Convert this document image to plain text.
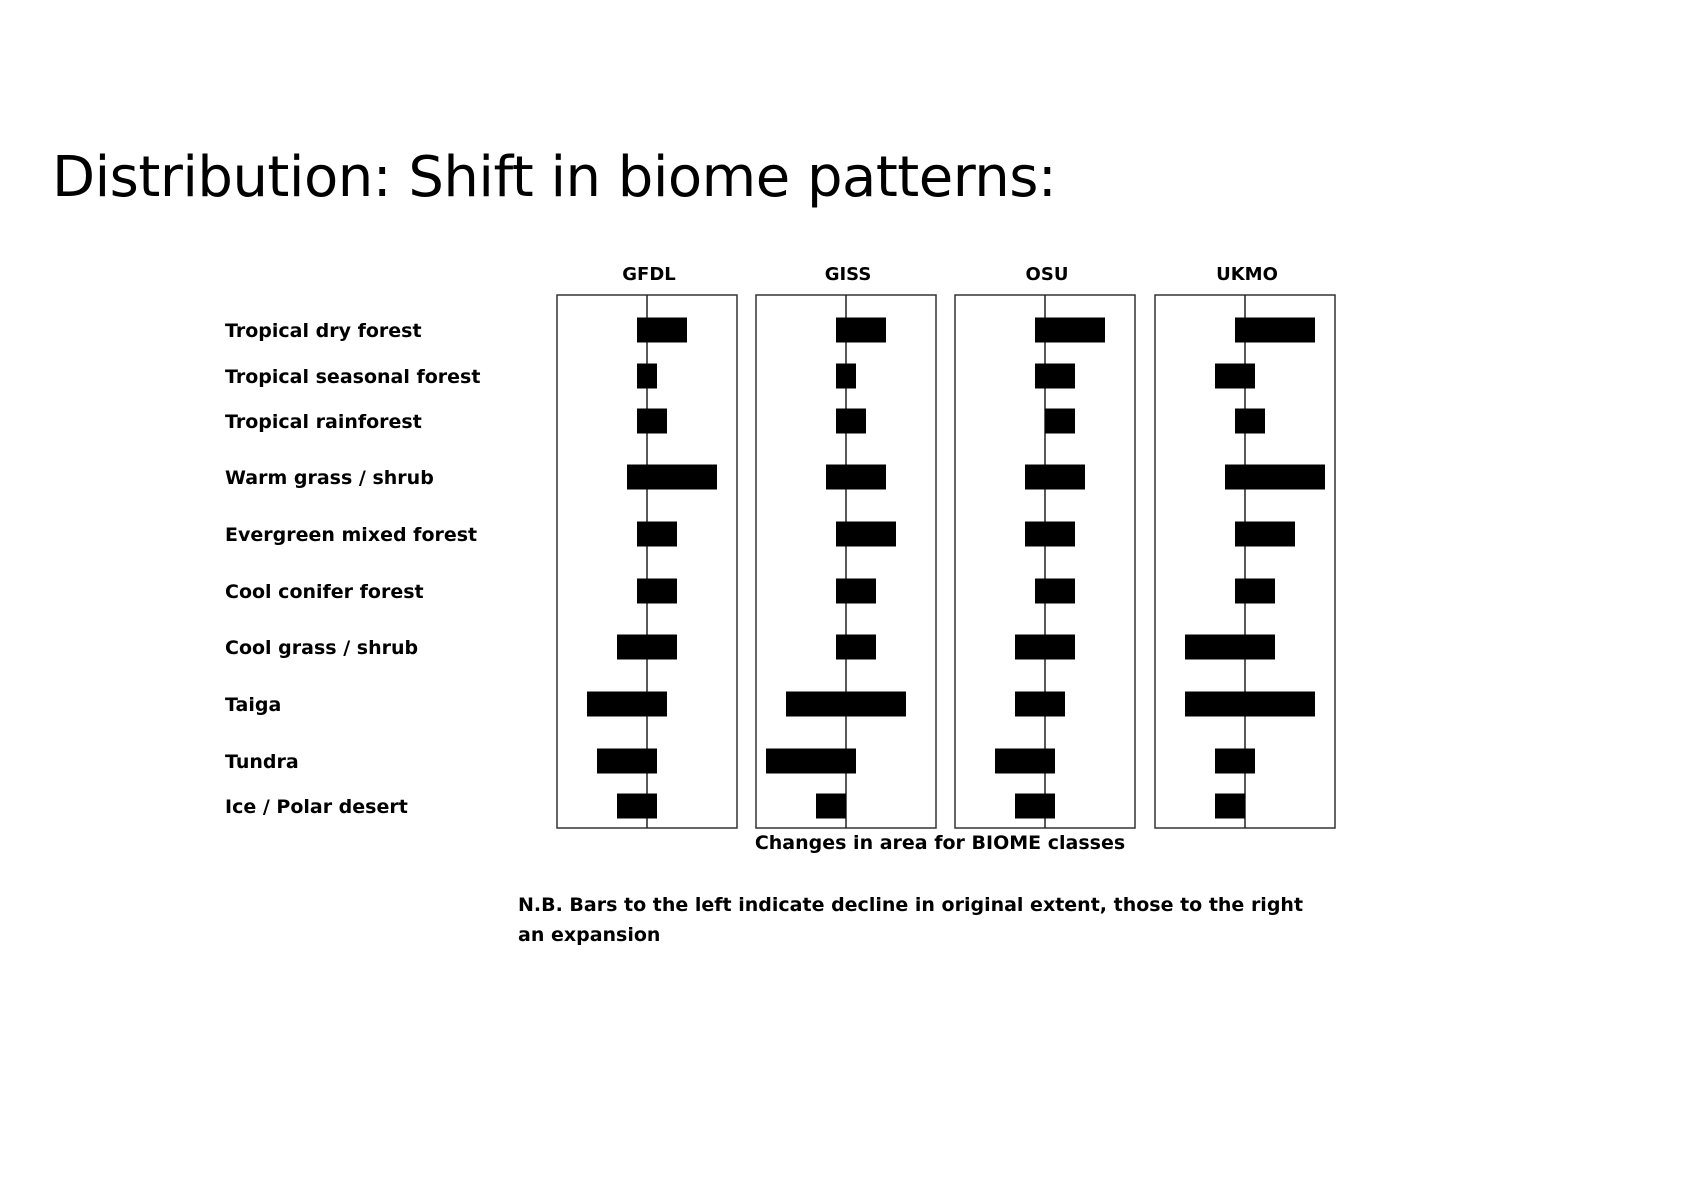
Distribution: Shift in biome patterns:
Tropical dry forest
Tropical seasonal forest
Tropical rainforest
Warm grass / shrub
Evergreen mixed forest
Cool conifer forest
Cool grass / shrub
Taiga
Tundra
Ice / Polar desert
GFDL	GISS	OSU	UKMO
Changes in area for BIOME classes

N.B. Bars to the left indicate decline in original extent, those to the right an expansion
